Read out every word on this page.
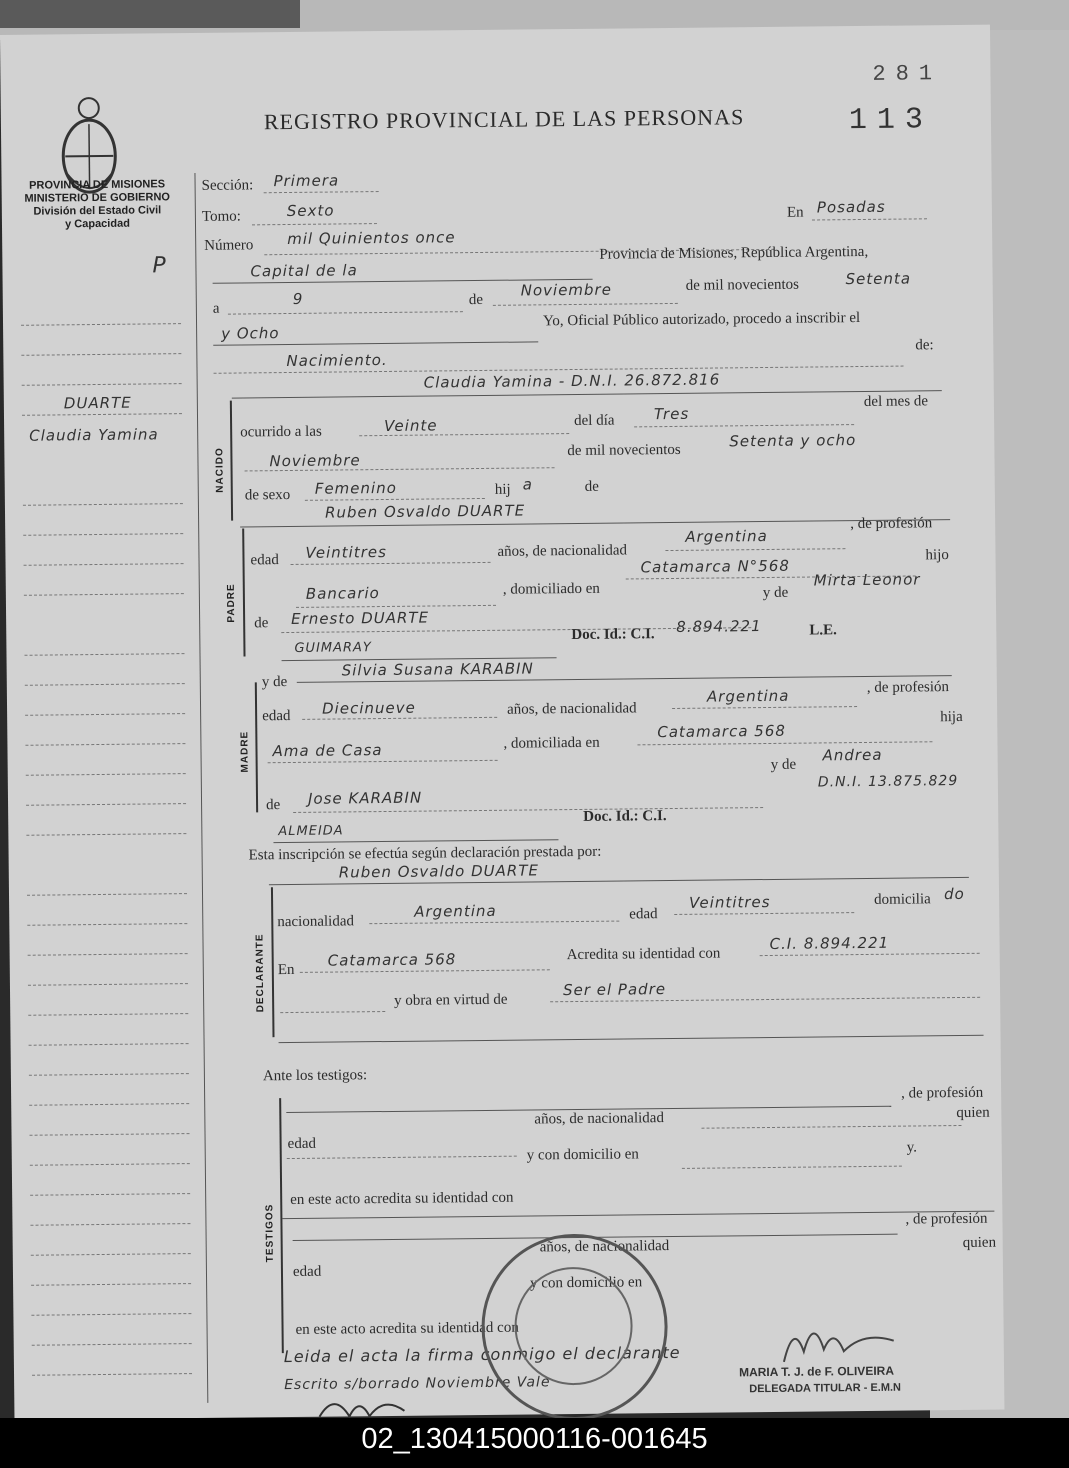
REGISTRO PROVINCIAL DE LAS PERSONAS	113
281
PROVINCIA DE MISIONES
MINISTERIO DE GOBIERNO
División del Estado Civil
y Capacidad
P
DUARTE
Claudia Yamina
Sección: Primera
Tomo:	Sexto	En Posadas
Número mil Quinientos once
Capital de la
Provincia de Misiones, República Argentina,
a
9	de
Noviembre	de mil novecientos	Setenta
y Ocho
Yo, Oficial Público autorizado, procedo a inscribir el
Nacimiento.
de:
Claudia Yamina - D.N.I. 26.872.816
NACIDO
ocurrido a las	Veinte	del día	Tres
del mes de
Noviembre
de mil novecientos
Setenta y ocho
de sexo Femenino	hij a	de
Ruben Osvaldo DUARTE
PADRE
edad Veintitres	años, de nacionalidad
Argentina
, de profesión
Catamarca N°568
hijo
Bancario	, domiciliado en	y de
Mirta Leonor
de Ernesto DUARTE
GUIMARAY
Doc. Id.: C.I. 8.894.221	L.E.
MADRE
y de
Silvia Susana KARABIN
edad Diecinueve	años, de nacionalidad
Argentina	, de profesión
Ama de Casa	, domiciliada en
Catamarca 568
hija
y de
Andrea
de Jose KARABIN
D.N.I. 13.875.829
ALMEIDA
Doc. Id.: C.I.
Esta inscripción se efectúa según declaración prestada por:
Ruben Osvaldo DUARTE
DECLARANTE
nacionalidad
Argentina	edad
Veintitres	domicilia do
En
Catamarca 568	Acredita su identidad con
C.I. 8.894.221
y obra en virtud de
Ser el Padre
Ante los testigos:
TESTIGOS
, de profesión
edad
años, de nacionalidad	quien
y con domicilio en	y.
en este acto acredita su identidad con
, de profesión
edad
años, de nacionalidad	quien
y con domicilio en
en este acto acredita su identidad con
Leida el acta la firma conmigo el declarante
Escrito s/borrado Noviembre Vale
MARIA T. J. de F. OLIVEIRA
DELEGADA TITULAR - E.M.N
02_130415000116-001645
